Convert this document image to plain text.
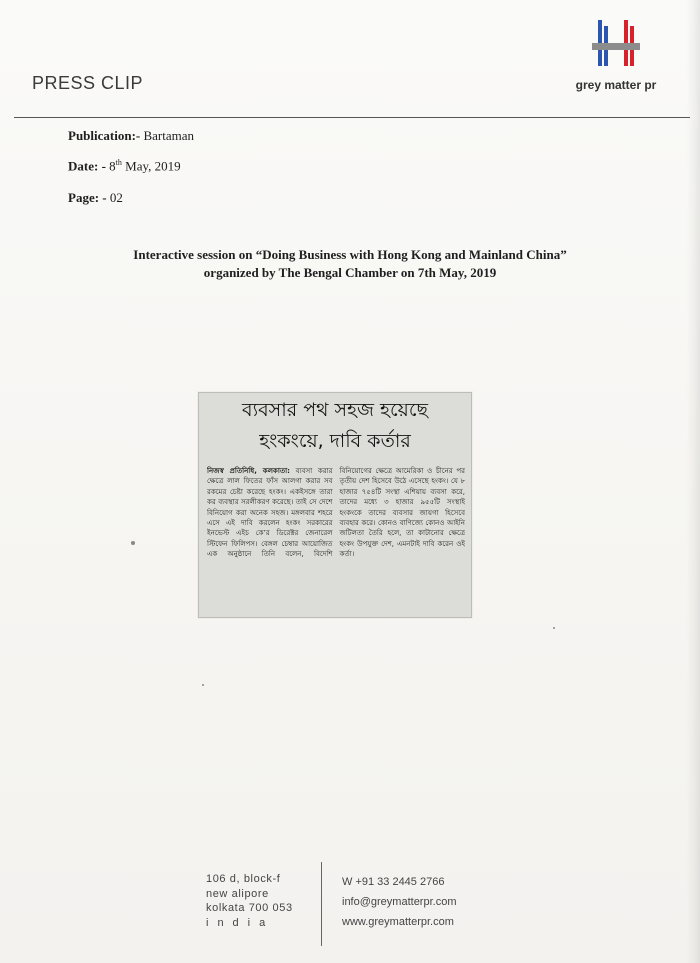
PRESS CLIP	grey matter pr
Publication:- Bartaman
Date: - 8th May, 2019
Page: - 02
Interactive session on “Doing Business with Hong Kong and Mainland China”
organized by The Bengal Chamber on 7th May, 2019
ব্যবসার পথ সহজ হয়েছে
হংকংয়ে, দাবি কর্তার
নিজস্ব প্রতিনিধি, কলকাতা: ব্যবসা করার ক্ষেত্রে লাল ফিতের ফাঁস আলগা করার সব রকমের চেষ্টা করেছে হংকং। একইসঙ্গে তারা কর ব্যবস্থার সরলীকরণ করেছে। তাই সে দেশে বিনিয়োগ করা অনেক সহজ। মঙ্গলবার শহরে এসে এই দাবি করলেন হংকং সরকারের ইনভেস্ট এইচ কে’র ডিরেক্টর জেনারেল স্টিফেন ফিলিপস। বেঙ্গল চেম্বার আয়োজিত এক অনুষ্ঠানে তিনি বলেন, বিদেশি বিনিয়োগের ক্ষেত্রে আমেরিকা ও চীনের পর তৃতীয় দেশ হিসেবে উঠে এসেছে হংকং। যে ৮ হাজার ৭৫৪টি সংস্থা এশিয়ায় ব্যবসা করে, তাদের মধ্যে ৩ হাজার ৯৫৫টি সংস্থাই হংকংকে তাদের ব্যবসার জায়গা হিসেবে ব্যবহার করে। কোনও বাণিজ্যে কোনও আইনি জটিলতা তৈরি হলে, তা কাটানোর ক্ষেত্রে হংকং উপযুক্ত দেশ, এমনটাই দাবি করেন ওই কর্তা।
106 d, block-f
new alipore
kolkata 700 053
india
W +91 33 2445 2766
info@greymatterpr.com
www.greymatterpr.com
